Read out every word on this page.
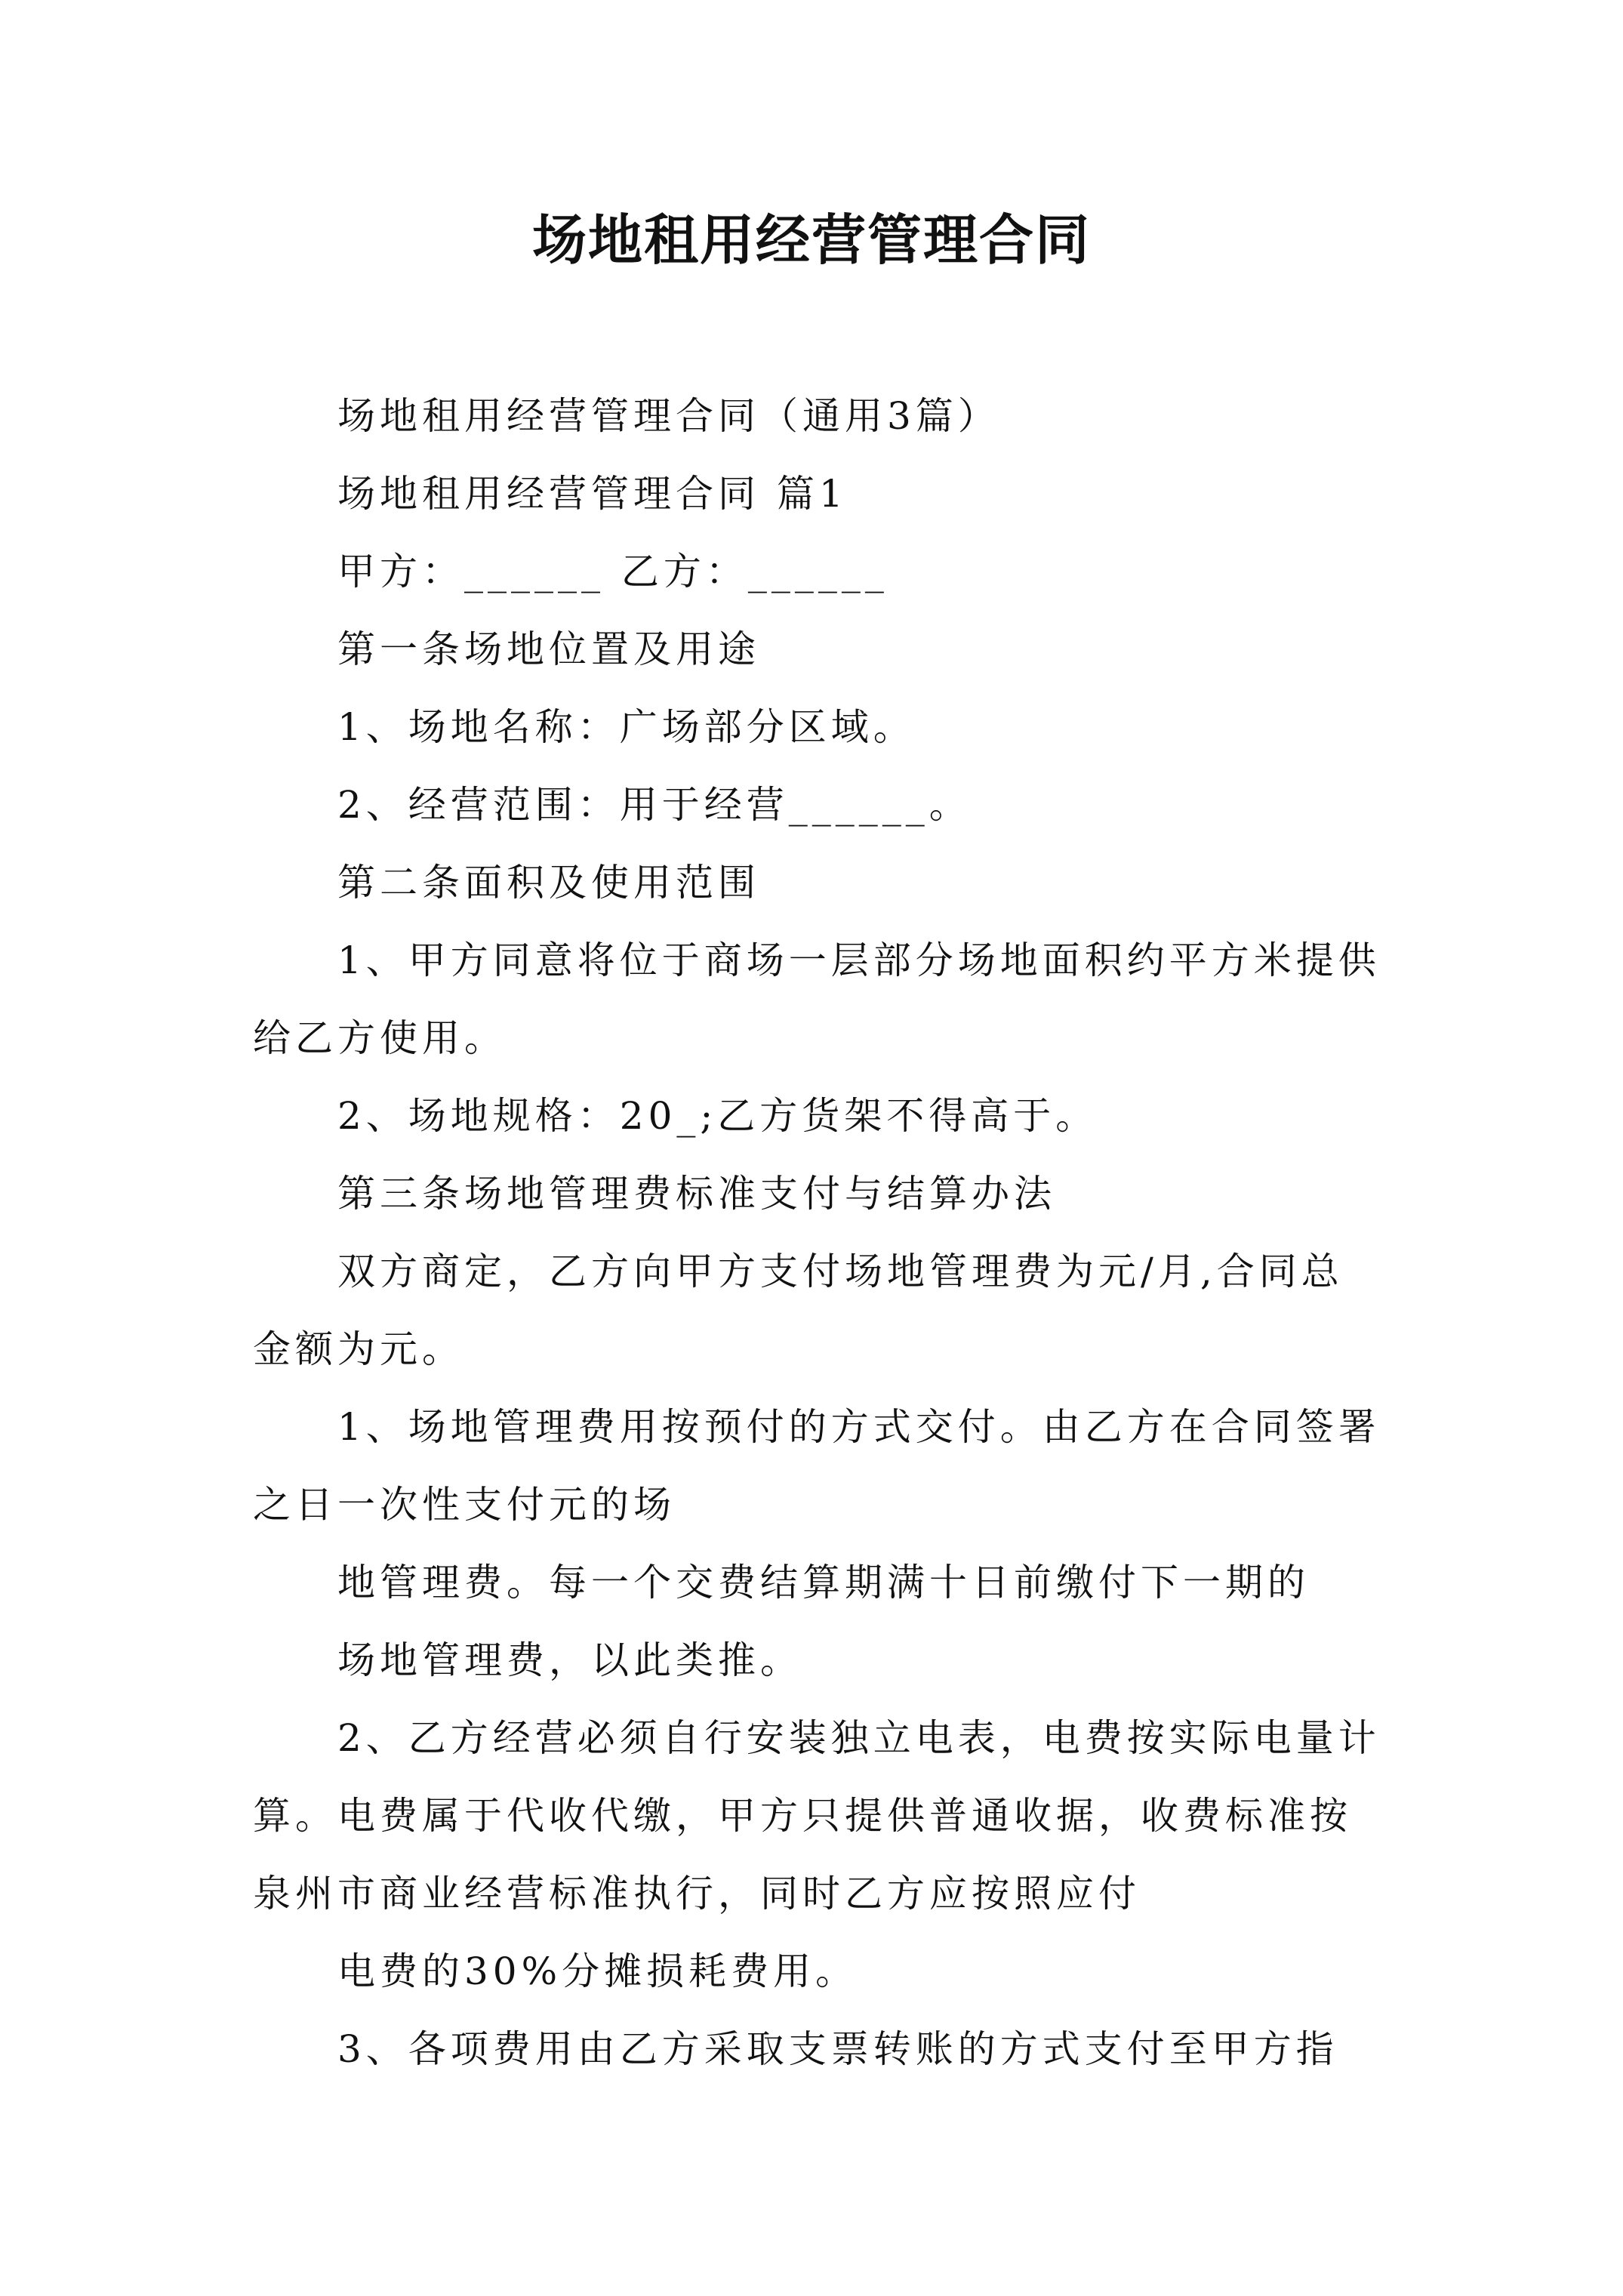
场地租用经营管理合同

场地租用经营管理合同（通用3篇）

场地租用经营管理合同 篇1

甲方：______ 乙方：______

第一条场地位置及用途

1、场地名称：广场部分区域。

2、经营范围：用于经营______。

第二条面积及使用范围

1、甲方同意将位于商场一层部分场地面积约平方米提供给乙方使用。

2、场地规格：20_;乙方货架不得高于。

第三条场地管理费标准支付与结算办法

双方商定，乙方向甲方支付场地管理费为元/月,合同总金额为元。

1、场地管理费用按预付的方式交付。由乙方在合同签署之日一次性支付元的场

地管理费。每一个交费结算期满十日前缴付下一期的

场地管理费，以此类推。

2、乙方经营必须自行安装独立电表，电费按实际电量计算。电费属于代收代缴，甲方只提供普通收据，收费标准按泉州市商业经营标准执行，同时乙方应按照应付

电费的30%分摊损耗费用。

3、各项费用由乙方采取支票转账的方式支付至甲方指
